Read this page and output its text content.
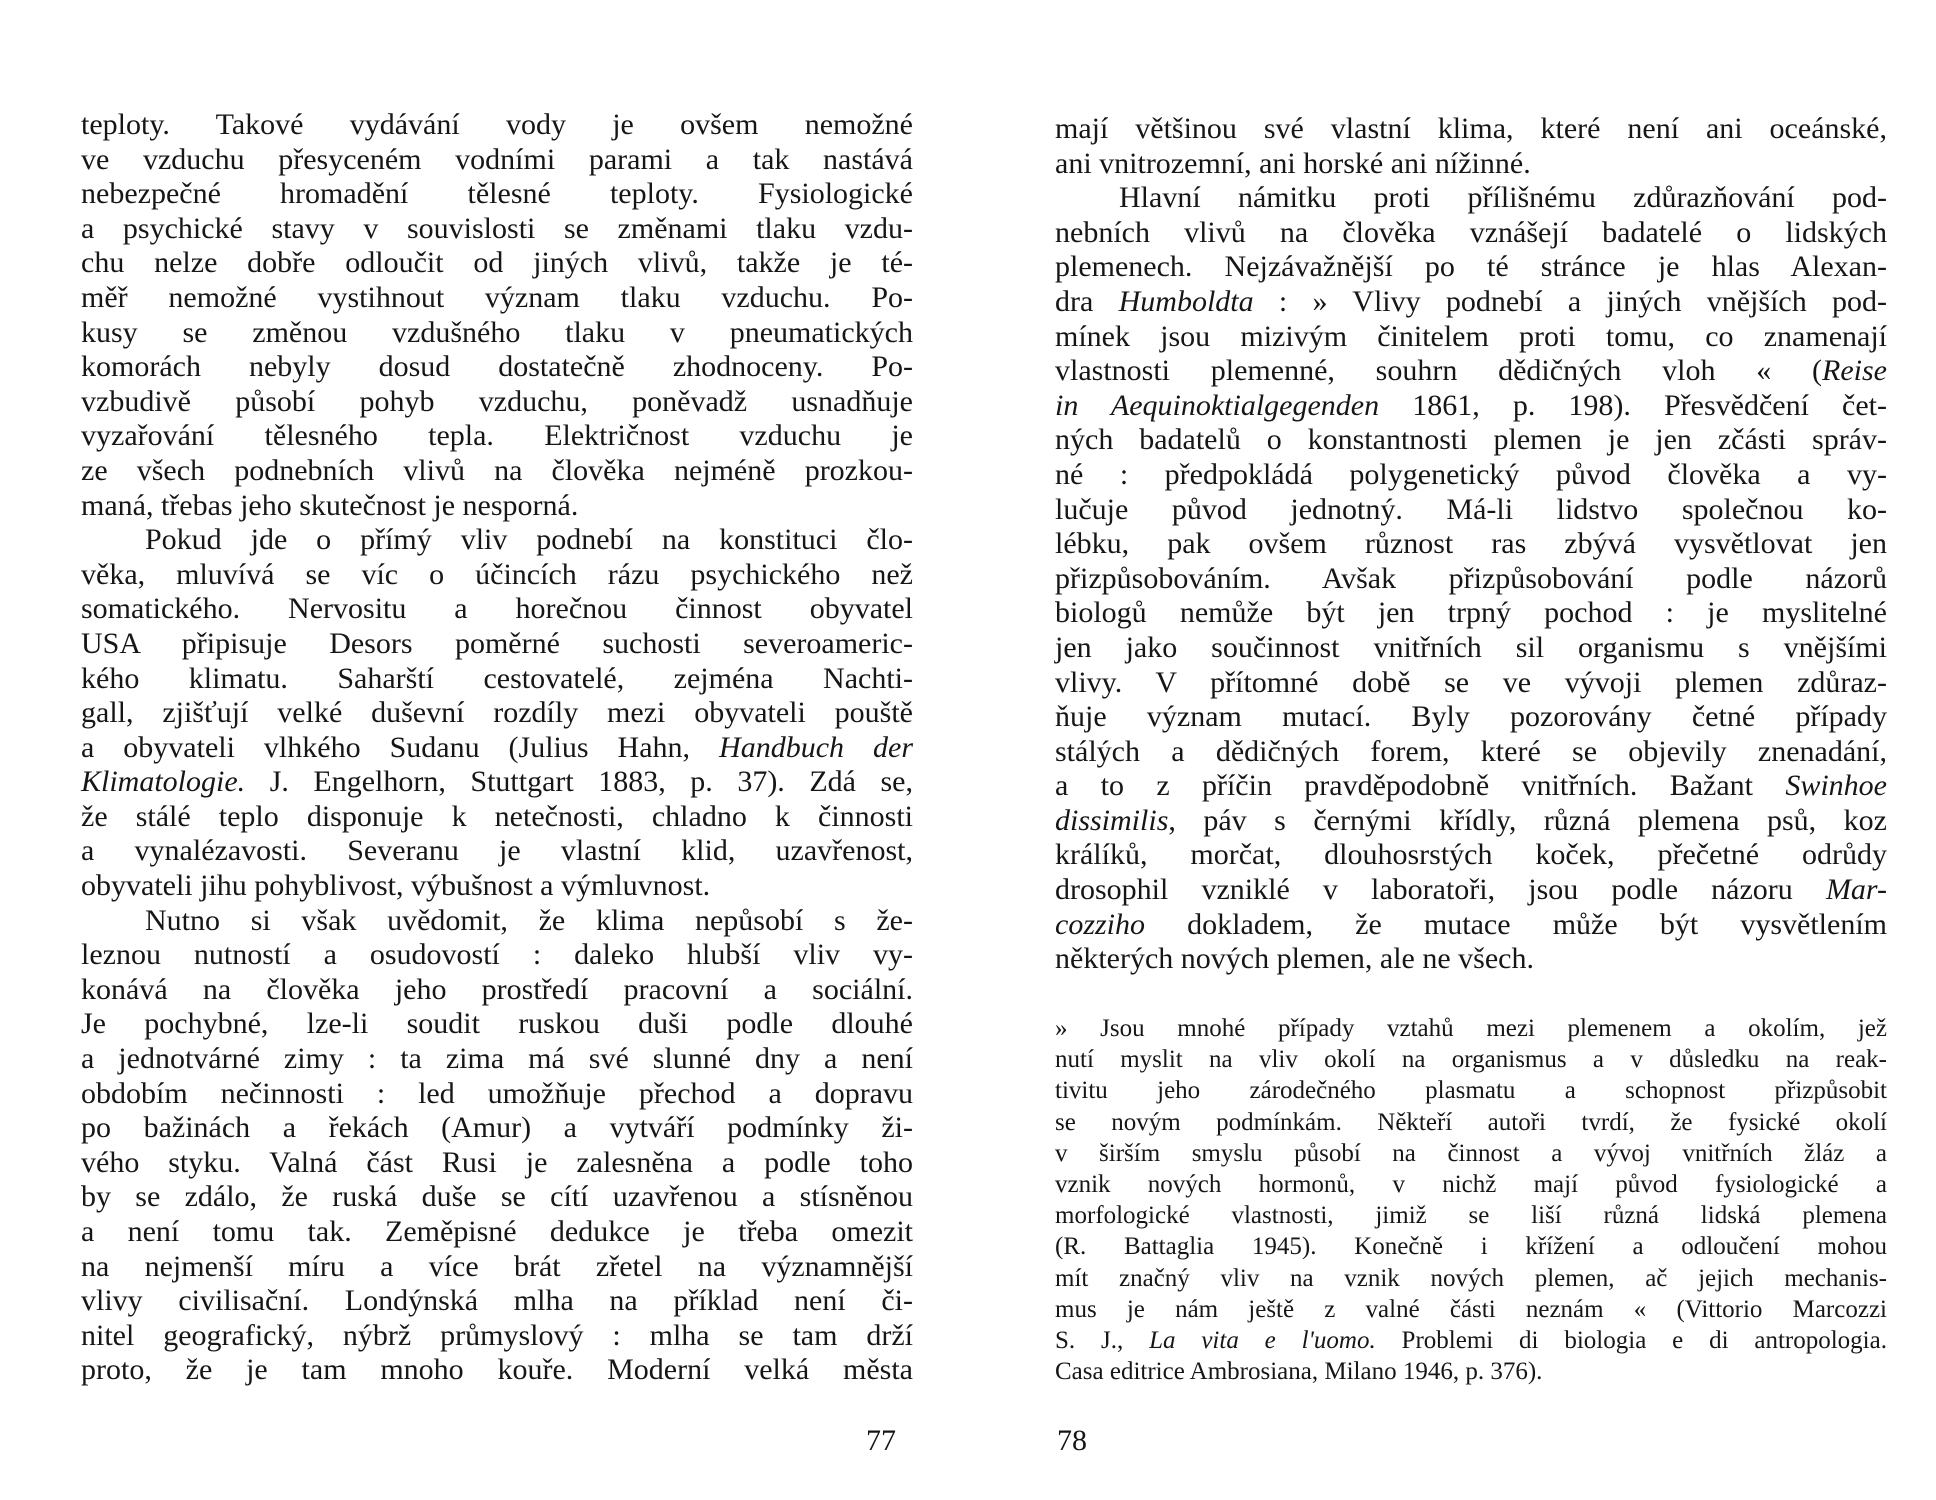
teploty. Takové vydávání vody je ovšem nemožné
ve vzduchu přesyceném vodními parami a tak nastává
nebezpečné hromadění tělesné teploty. Fysiologické
a psychické stavy v souvislosti se změnami tlaku vzdu-
chu nelze dobře odloučit od jiných vlivů, takže je té-
měř nemožné vystihnout význam tlaku vzduchu. Po-
kusy se změnou vzdušného tlaku v pneumatických
komorách nebyly dosud dostatečně zhodnoceny. Po-
vzbudivě působí pohyb vzduchu, poněvadž usnadňuje
vyzařování tělesného tepla. Električnost vzduchu je
ze všech podnebních vlivů na člověka nejméně prozkou-
maná, třebas jeho skutečnost je nesporná.
Pokud jde o přímý vliv podnebí na konstituci člo-
věka, mluvívá se víc o účincích rázu psychického než
somatického. Nervositu a horečnou činnost obyvatel
USA připisuje Desors poměrné suchosti severoameric-
kého klimatu. Saharští cestovatelé, zejména Nachti-
gall, zjišťují velké duševní rozdíly mezi obyvateli pouště
a obyvateli vlhkého Sudanu (Julius Hahn, Handbuch der
Klimatologie. J. Engelhorn, Stuttgart 1883, p. 37). Zdá se,
že stálé teplo disponuje k netečnosti, chladno k činnosti
a vynalézavosti. Severanu je vlastní klid, uzavřenost,
obyvateli jihu pohyblivost, výbušnost a výmluvnost.
Nutno si však uvědomit, že klima nepůsobí s že-
leznou nutností a osudovostí : daleko hlubší vliv vy-
konává na člověka jeho prostředí pracovní a sociální.
Je pochybné, lze-li soudit ruskou duši podle dlouhé
a jednotvárné zimy : ta zima má své slunné dny a není
obdobím nečinnosti : led umožňuje přechod a dopravu
po bažinách a řekách (Amur) a vytváří podmínky ži-
vého styku. Valná část Rusi je zalesněna a podle toho
by se zdálo, že ruská duše se cítí uzavřenou a stísněnou
a není tomu tak. Zeměpisné dedukce je třeba omezit
na nejmenší míru a více brát zřetel na významnější
vlivy civilisační. Londýnská mlha na příklad není či-
nitel geografický, nýbrž průmyslový : mlha se tam drží
proto, že je tam mnoho kouře. Moderní velká města
mají většinou své vlastní klima, které není ani oceánské,
ani vnitrozemní, ani horské ani nížinné.
Hlavní námitku proti přílišnému zdůrazňování pod-
nebních vlivů na člověka vznášejí badatelé o lidských
plemenech. Nejzávažnější po té stránce je hlas Alexan-
dra Humboldta : » Vlivy podnebí a jiných vnějších pod-
mínek jsou mizivým činitelem proti tomu, co znamenají
vlastnosti plemenné, souhrn dědičných vloh « (Reise
in Aequinoktialgegenden 1861, p. 198). Přesvědčení čet-
ných badatelů o konstantnosti plemen je jen zčásti správ-
né : předpokládá polygenetický původ člověka a vy-
lučuje původ jednotný. Má-li lidstvo společnou ko-
lébku, pak ovšem různost ras zbývá vysvětlovat jen
přizpůsobováním. Avšak přizpůsobování podle názorů
biologů nemůže být jen trpný pochod : je myslitelné
jen jako součinnost vnitřních sil organismu s vnějšími
vlivy. V přítomné době se ve vývoji plemen zdůraz-
ňuje význam mutací. Byly pozorovány četné případy
stálých a dědičných forem, které se objevily znenadání,
a to z příčin pravděpodobně vnitřních. Bažant Swinhoe
dissimilis, páv s černými křídly, různá plemena psů, koz
králíků, morčat, dlouhosrstých koček, přečetné odrůdy
drosophil vzniklé v laboratoři, jsou podle názoru Mar-
cozziho dokladem, že mutace může být vysvětlením
některých nových plemen, ale ne všech.
» Jsou mnohé případy vztahů mezi plemenem a okolím, jež
nutí myslit na vliv okolí na organismus a v důsledku na reak-
tivitu jeho zárodečného plasmatu a schopnost přizpůsobit
se novým podmínkám. Někteří autoři tvrdí, že fysické okolí
v širším smyslu působí na činnost a vývoj vnitřních žláz a
vznik nových hormonů, v nichž mají původ fysiologické a
morfologické vlastnosti, jimiž se liší různá lidská plemena
(R. Battaglia 1945). Konečně i křížení a odloučení mohou
mít značný vliv na vznik nových plemen, ač jejich mechanis-
mus je nám ještě z valné části neznám « (Vittorio Marcozzi
S. J., La vita e l'uomo. Problemi di biologia e di antropologia.
Casa editrice Ambrosiana, Milano 1946, p. 376).
77	78
